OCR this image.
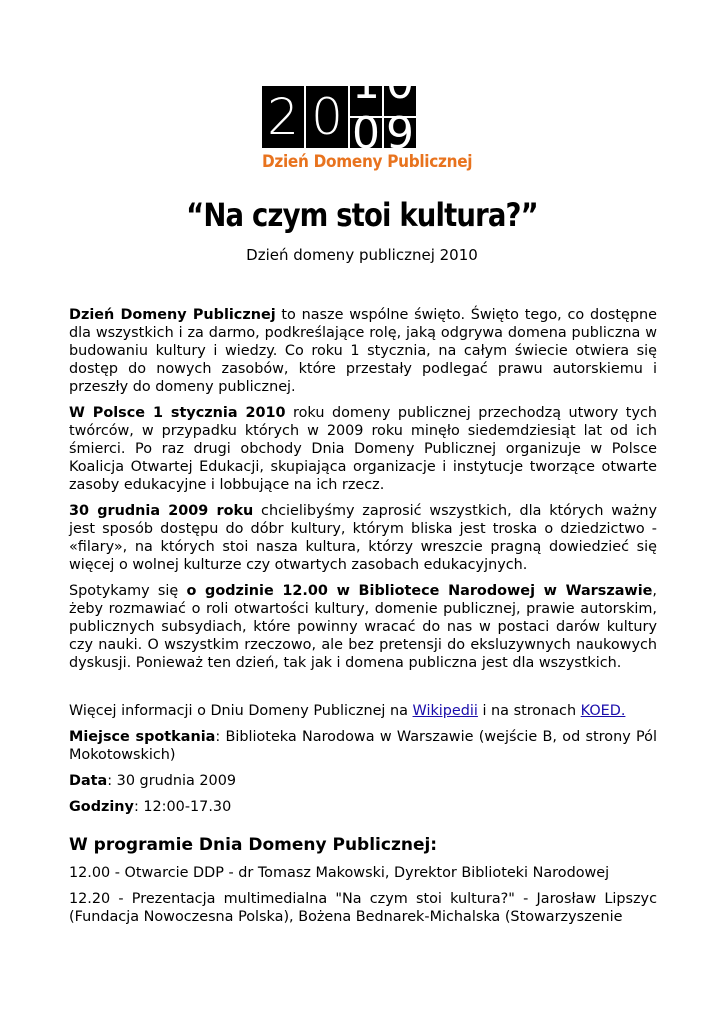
2 0
1
0
0
9
Dzień Domeny Publicznej
“Na czym stoi kultura?”
Dzień domeny publicznej 2010

Dzień Domeny Publicznej to nasze wspólne święto. Święto tego, co dostępne dla wszystkich i za darmo, podkreślające rolę, jaką odgrywa domena publiczna w budowaniu kultury i wiedzy. Co roku 1 stycznia, na całym świecie otwiera się dostęp do nowych zasobów, które przestały podlegać prawu autorskiemu i przeszły do domeny publicznej.

W Polsce 1 stycznia 2010 roku domeny publicznej przechodzą utwory tych twórców, w przypadku których w 2009 roku minęło siedemdziesiąt lat od ich śmierci. Po raz drugi obchody Dnia Domeny Publicznej organizuje w Polsce Koalicja Otwartej Edukacji, skupiająca organizacje i instytucje tworzące otwarte zasoby edukacyjne i lobbujące na ich rzecz.

30 grudnia 2009 roku chcielibyśmy zaprosić wszystkich, dla których ważny jest sposób dostępu do dóbr kultury, którym bliska jest troska o dziedzictwo - «filary», na których stoi nasza kultura, którzy wreszcie pragną dowiedzieć się więcej o wolnej kulturze czy otwartych zasobach edukacyjnych.

Spotykamy się o godzinie 12.00 w Bibliotece Narodowej w Warszawie, żeby rozmawiać o roli otwartości kultury, domenie publicznej, prawie autorskim, publicznych subsydiach, które powinny wracać do nas w postaci darów kultury czy nauki. O wszystkim rzeczowo, ale bez pretensji do eksluzywnych naukowych dyskusji. Ponieważ ten dzień, tak jak i domena publiczna jest dla wszystkich.

Więcej informacji o Dniu Domeny Publicznej na Wikipedii i na stronach KOED.

Miejsce spotkania: Biblioteka Narodowa w Warszawie (wejście B, od strony Pól Mokotowskich)

Data: 30 grudnia 2009

Godziny: 12:00-17.30

W programie Dnia Domeny Publicznej:

12.00 - Otwarcie DDP - dr Tomasz Makowski, Dyrektor Biblioteki Narodowej

12.20 - Prezentacja multimedialna "Na czym stoi kultura?" - Jarosław Lipszyc (Fundacja Nowoczesna Polska), Bożena Bednarek-Michalska (Stowarzyszenie
